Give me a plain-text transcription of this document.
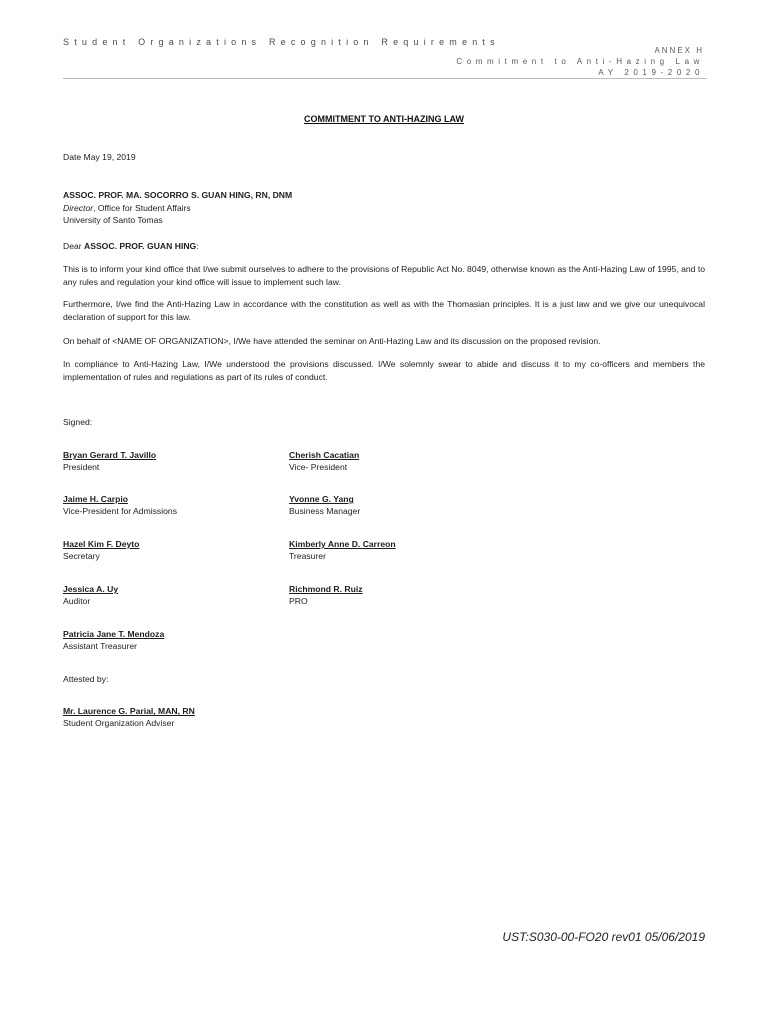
Student Organizations Recognition Requirements
ANNEX H
Commitment to Anti-Hazing Law
AY 2019-2020
COMMITMENT TO ANTI-HAZING LAW
Date May 19, 2019
ASSOC. PROF. MA. SOCORRO S. GUAN HING, RN, DNM
Director, Office for Student Affairs
University of Santo Tomas
Dear ASSOC. PROF. GUAN HING:
This is to inform your kind office that I/we submit ourselves to adhere to the provisions of Republic Act No. 8049, otherwise known as the Anti-Hazing Law of 1995, and to any rules and regulation your kind office will issue to implement such law.
Furthermore, I/we find the Anti-Hazing Law in accordance with the constitution as well as with the Thomasian principles. It is a just law and we give our unequivocal declaration of support for this law.
On behalf of <NAME OF ORGANIZATION>, I/We have attended the seminar on Anti-Hazing Law and its discussion on the proposed revision.
In compliance to Anti-Hazing Law, I/We understood the provisions discussed. I/We solemnly swear to abide and discuss it to my co-officers and members the implementation of rules and regulations as part of its rules of conduct.
Signed:
Bryan Gerard T. Javillo
President
Cherish Cacatian
Vice- President
Jaime H. Carpio
Vice-President for Admissions
Yvonne G. Yang
Business Manager
Hazel Kim F. Deyto
Secretary
Kimberly Anne D. Carreon
Treasurer
Jessica A. Uy
Auditor
Richmond R. Ruiz
PRO
Patricia Jane T. Mendoza
Assistant Treasurer
Attested by:
Mr. Laurence G. Parial, MAN, RN
Student Organization Adviser
UST:S030-00-FO20 rev01 05/06/2019
